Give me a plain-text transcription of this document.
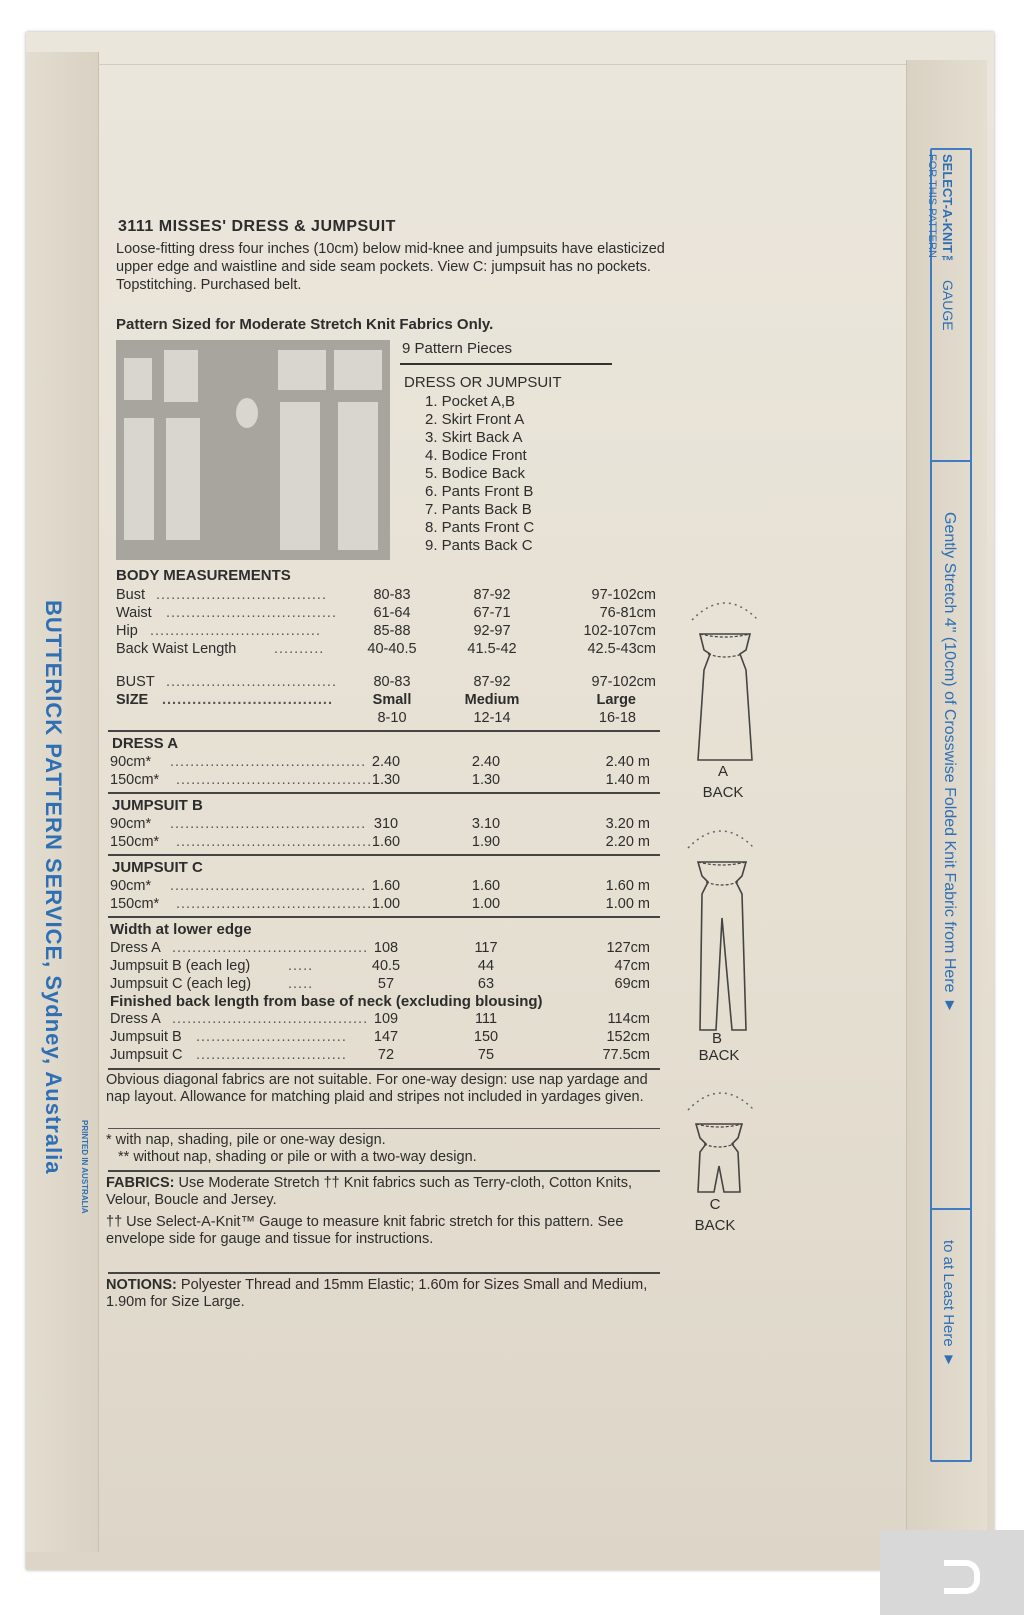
BUTTERICK PATTERN SERVICE, Sydney, Australia PRINTED IN AUSTRALIA
SELECT-A-KNIT™
FOR THIS PATTERN
GAUGE
Gently Stretch 4" (10cm) of Crosswise Folded Knit Fabric from Here ▼
to at Least Here ▼
3111 MISSES' DRESS & JUMPSUIT
Loose-fitting dress four inches (10cm) below mid-knee and jumpsuits have elasticized upper edge and waistline and side seam pockets. View C: jumpsuit has no pockets. Topstitching. Purchased belt.
Pattern Sized for Moderate Stretch Knit Fabrics Only.
9 Pattern Pieces
DRESS OR JUMPSUIT
1. Pocket A,B
2. Skirt Front A
3. Skirt Back A
4. Bodice Front
5. Bodice Back
6. Pants Front B
7. Pants Back B
8. Pants Front C
9. Pants Back C
BODY MEASUREMENTS
Bust ..................................	80-83	87-92	97-102cm
Waist ..................................	61-64	67-71	76-81cm
Hip ..................................	85-88	92-97	102-107cm
Back Waist Length	..........	40-40.5	41.5-42	42.5-43cm
BUST ..................................	80-83	87-92	97-102cm
SIZE ..................................	Small	Medium	Large
8-10	12-14	16-18
DRESS A
90cm* ....................................... 2.40	2.40	2.40 m
150cm* ....................................... 1.30	1.30	1.40 m
JUMPSUIT B
90cm* ....................................... 310	3.10	3.20 m
150cm* ....................................... 1.60	1.90	2.20 m
JUMPSUIT C
90cm* ....................................... 1.60	1.60	1.60 m
150cm* ....................................... 1.00	1.00	1.00 m
Width at lower edge
Dress A ....................................... 108	117	127cm
Jumpsuit B (each leg)	.....	40.5	44	47cm
Jumpsuit C (each leg)	.....	57	63	69cm
Finished back length from base of neck (excluding blousing)
Dress A ....................................... 109	111	114cm
Jumpsuit B ..............................	147	150	152cm
Jumpsuit C ..............................	72	75	77.5cm
Obvious diagonal fabrics are not suitable. For one-way design: use nap yardage and nap layout. Allowance for matching plaid and stripes not included in yardages given.
* with nap, shading, pile or one-way design.
** without nap, shading or pile or with a two-way design.
FABRICS: Use Moderate Stretch †† Knit fabrics such as Terry-cloth, Cotton Knits, Velour, Boucle and Jersey.
†† Use Select-A-Knit™ Gauge to measure knit fabric stretch for this pattern. See envelope side for gauge and tissue for instructions.
NOTIONS: Polyester Thread and 15mm Elastic; 1.60m for Sizes Small and Medium, 1.90m for Size Large.
A
BACK
B
BACK
C
BACK
